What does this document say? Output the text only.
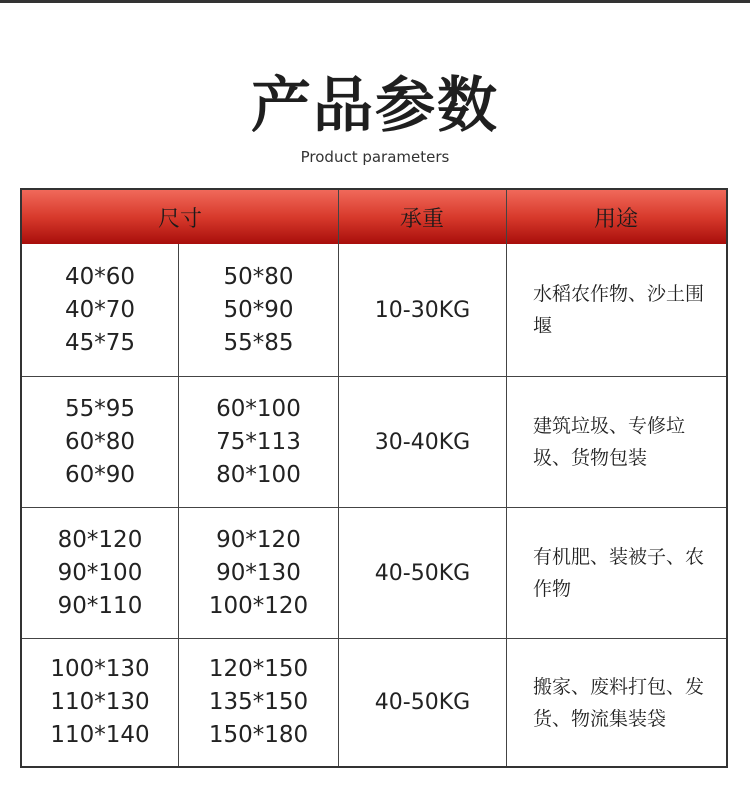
产品参数
Product parameters
尺寸	承重	用途
40*60
40*70
45*75
50*80
50*90
55*85
10-30KG
水稻农作物、沙土围堰
55*95
60*80
60*90
60*100
75*113
80*100
30-40KG
建筑垃圾、专修垃圾、货物包装
80*120
90*100
90*110
90*120
90*130
100*120
40-50KG
有机肥、装被子、农作物
100*130
110*130
110*140
120*150
135*150
150*180
40-50KG
搬家、废料打包、发货、物流集装袋
